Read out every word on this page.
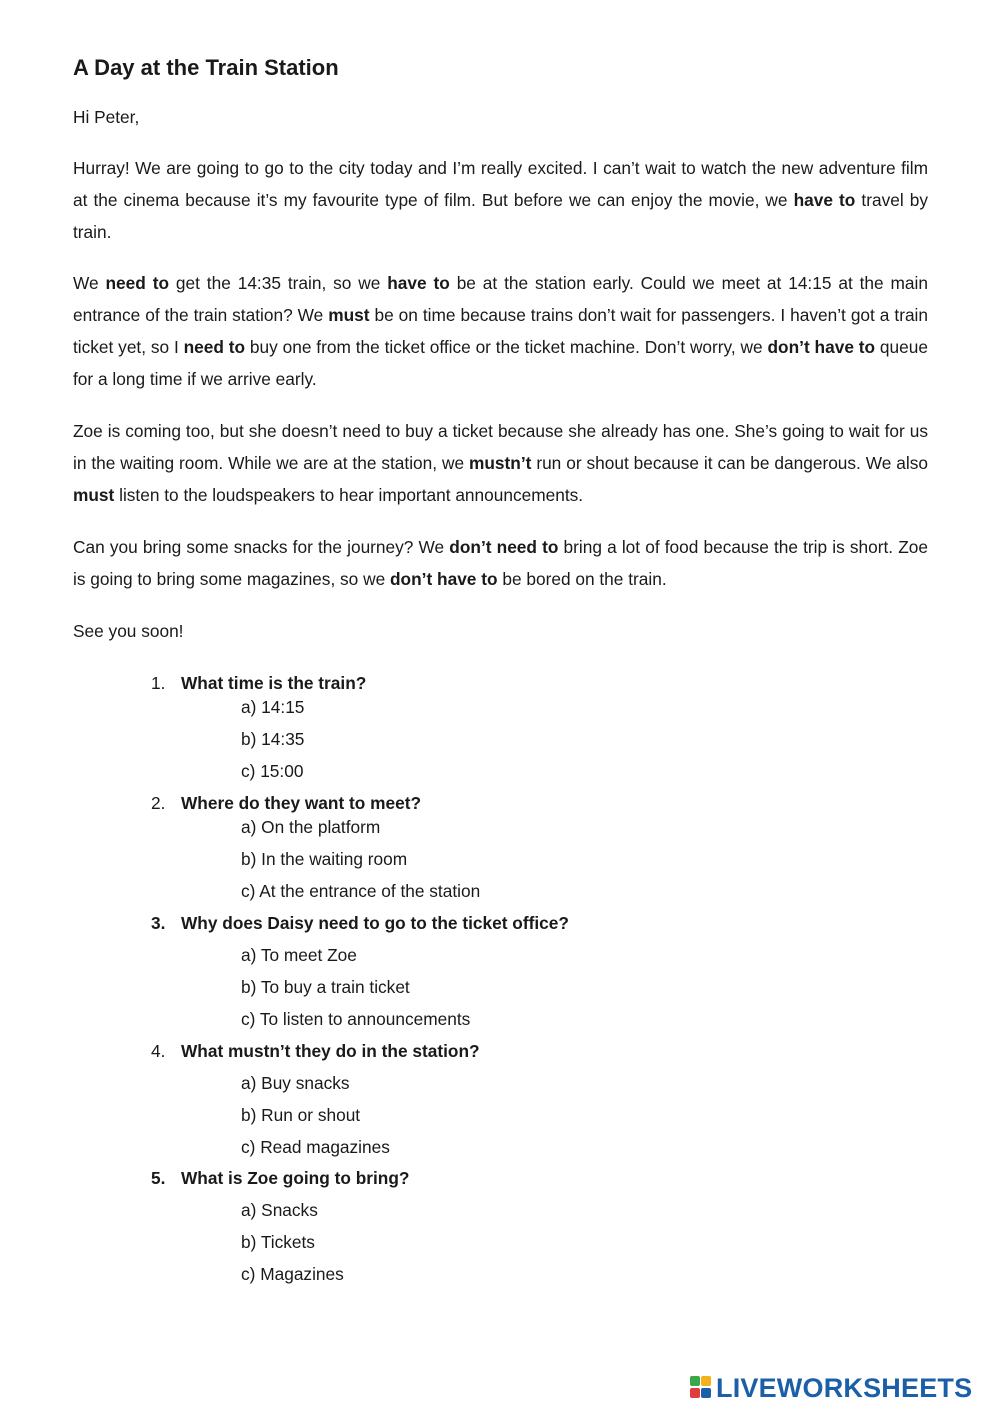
A Day at the Train Station

Hi Peter,

Hurray! We are going to go to the city today and I’m really excited. I can’t wait to watch the new adventure film at the cinema because it’s my favourite type of film. But before we can enjoy the movie, we have to travel by train.

We need to get the 14:35 train, so we have to be at the station early. Could we meet at 14:15 at the main entrance of the train station? We must be on time because trains don’t wait for passengers. I haven’t got a train ticket yet, so I need to buy one from the ticket office or the ticket machine. Don’t worry, we don’t have to queue for a long time if we arrive early.

Zoe is coming too, but she doesn’t need to buy a ticket because she already has one. She’s going to wait for us in the waiting room. While we are at the station, we mustn’t run or shout because it can be dangerous. We also must listen to the loudspeakers to hear important announcements.

Can you bring some snacks for the journey? We don’t need to bring a lot of food because the trip is short. Zoe is going to bring some magazines, so we don’t have to be bored on the train.

See you soon!

1. What time is the train?
a) 14:15
b) 14:35
c) 15:00
2. Where do they want to meet?
a) On the platform
b) In the waiting room
c) At the entrance of the station
3. Why does Daisy need to go to the ticket office?
a) To meet Zoe
b) To buy a train ticket
c) To listen to announcements
4. What mustn’t they do in the station?
a) Buy snacks
b) Run or shout
c) Read magazines
5. What is Zoe going to bring?
a) Snacks
b) Tickets
c) Magazines
LIVEWORKSHEETS
